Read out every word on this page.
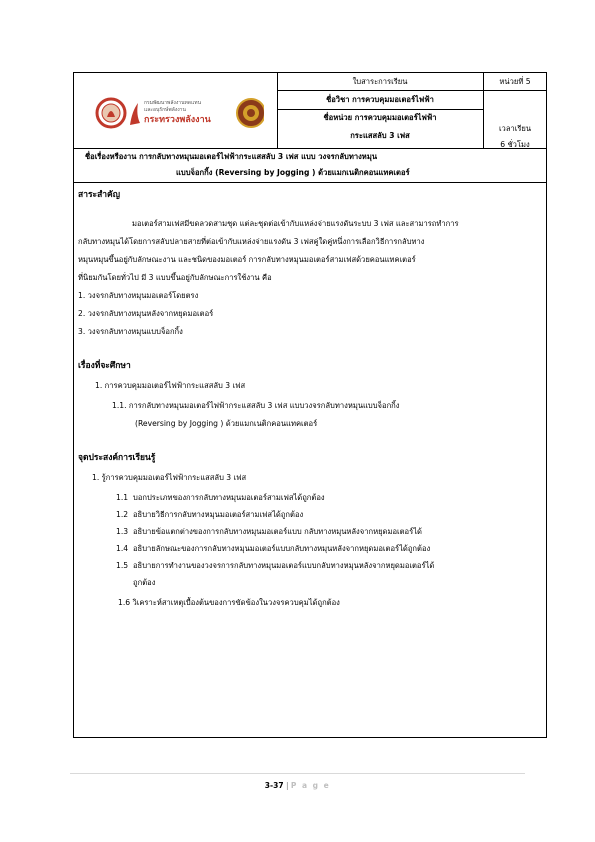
กรมพัฒนาพลังงานทดแทน
และอนุรักษ์พลังงาน
กระทรวงพลังงาน
ใบสาระการเรียน	หน่วยที่ 5
ชื่อวิชา การควบคุมมอเตอร์ไฟฟ้า
ชื่อหน่วย การควบคุมมอเตอร์ไฟฟ้า
กระแสสลับ 3 เฟส
เวลาเรียน
6 ชั่วโมง
ชื่อเรื่องหรืองาน การกลับทางหมุนมอเตอร์ไฟฟ้ากระแสสลับ 3 เฟส แบบ วงจรกลับทางหมุน
แบบจ็อกกิ้ง (Reversing by Jogging ) ด้วยแมกเนติกคอนแทคเตอร์
สาระสำคัญ
มอเตอร์สามเฟสมีขดลวดสามชุด แต่ละชุดต่อเข้ากับแหล่งจ่ายแรงดันระบบ 3 เฟส และสามารถทำการ
กลับทางหมุนได้โดยการสลับปลายสายที่ต่อเข้ากับแหล่งจ่ายแรงดัน 3 เฟสคู่ใดคู่หนึ่งการเลือกวิธีการกลับทาง
หมุนหมุนขึ้นอยู่กับลักษณะงาน และชนิดของมอเตอร์ การกลับทางหมุนมอเตอร์สามเฟสด้วยคอนแทคเตอร์
ที่นิยมกันโดยทั่วไป มี 3 แบบขึ้นอยู่กับลักษณะการใช้งาน คือ
1. วงจรกลับทางหมุนมอเตอร์โดยตรง
2. วงจรกลับทางหมุนหลังจากหยุดมอเตอร์
3. วงจรกลับทางหมุนแบบจ็อกกิ้ง
เรื่องที่จะศึกษา
1. การควบคุมมอเตอร์ไฟฟ้ากระแสสลับ 3 เฟส
1.1. การกลับทางหมุนมอเตอร์ไฟฟ้ากระแสสลับ 3 เฟส แบบวงจรกลับทางหมุนแบบจ็อกกิ้ง
(Reversing by Jogging ) ด้วยแมกเนติกคอนแทคเตอร์
จุดประสงค์การเรียนรู้
1. รู้การควบคุมมอเตอร์ไฟฟ้ากระแสสลับ 3 เฟส
1.1 บอกประเภทของการกลับทางหมุนมอเตอร์สามเฟสได้ถูกต้อง
1.2 อธิบายวิธีการกลับทางหมุนมอเตอร์สามเฟสได้ถูกต้อง
1.3 อธิบายข้อแตกต่างของการกลับทางหมุนมอเตอร์แบบ กลับทางหมุนหลังจากหยุดมอเตอร์ได้
1.4 อธิบายลักษณะของการกลับทางหมุนมอเตอร์แบบกลับทางหมุนหลังจากหยุดมอเตอร์ได้ถูกต้อง
1.5 อธิบายการทำงานของวงจรการกลับทางหมุนมอเตอร์แบบกลับทางหมุนหลังจากหยุดมอเตอร์ได้
ถูกต้อง
1.6 วิเคราะห์สาเหตุเบื้องต้นของการขัดข้องในวงจรควบคุมได้ถูกต้อง
3-37 | P a g e
